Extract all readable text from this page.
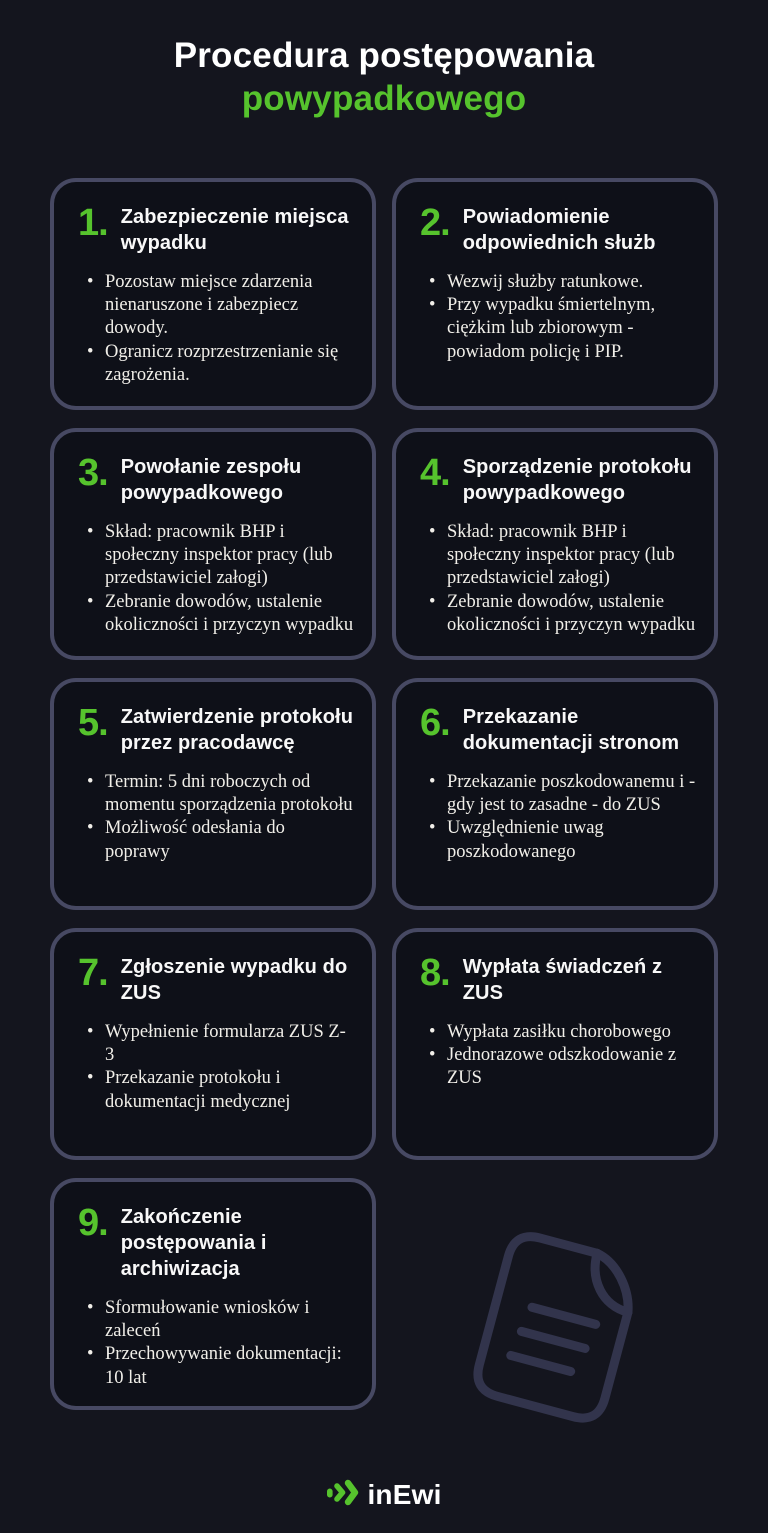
Procedura postępowania
powypadkowego
1. Zabezpieczenie miejsca wypadku
• Pozostaw miejsce zdarzenia nienaruszone i zabezpiecz dowody.
• Ogranicz rozprzestrzenianie się zagrożenia.
2. Powiadomienie odpowiednich służb
• Wezwij służby ratunkowe.
• Przy wypadku śmiertelnym, ciężkim lub zbiorowym - powiadom policję i PIP.
3. Powołanie zespołu powypadkowego
• Skład: pracownik BHP i społeczny inspektor pracy (lub przedstawiciel załogi)
• Zebranie dowodów, ustalenie okoliczności i przyczyn wypadku
4. Sporządzenie protokołu powypadkowego
• Skład: pracownik BHP i społeczny inspektor pracy (lub przedstawiciel załogi)
• Zebranie dowodów, ustalenie okoliczności i przyczyn wypadku
5. Zatwierdzenie protokołu przez pracodawcę
• Termin: 5 dni roboczych od momentu sporządzenia protokołu
• Możliwość odesłania do poprawy
6. Przekazanie dokumentacji stronom
• Przekazanie poszkodowanemu i - gdy jest to zasadne - do ZUS
• Uwzględnienie uwag poszkodowanego
7. Zgłoszenie wypadku do ZUS
• Wypełnienie formularza ZUS Z-3
• Przekazanie protokołu i dokumentacji medycznej
8. Wypłata świadczeń z ZUS
• Wypłata zasiłku chorobowego
• Jednorazowe odszkodowanie z ZUS
9. Zakończenie postępowania i archiwizacja
• Sformułowanie wniosków i zaleceń
• Przechowywanie dokumentacji: 10 lat
inEwi
